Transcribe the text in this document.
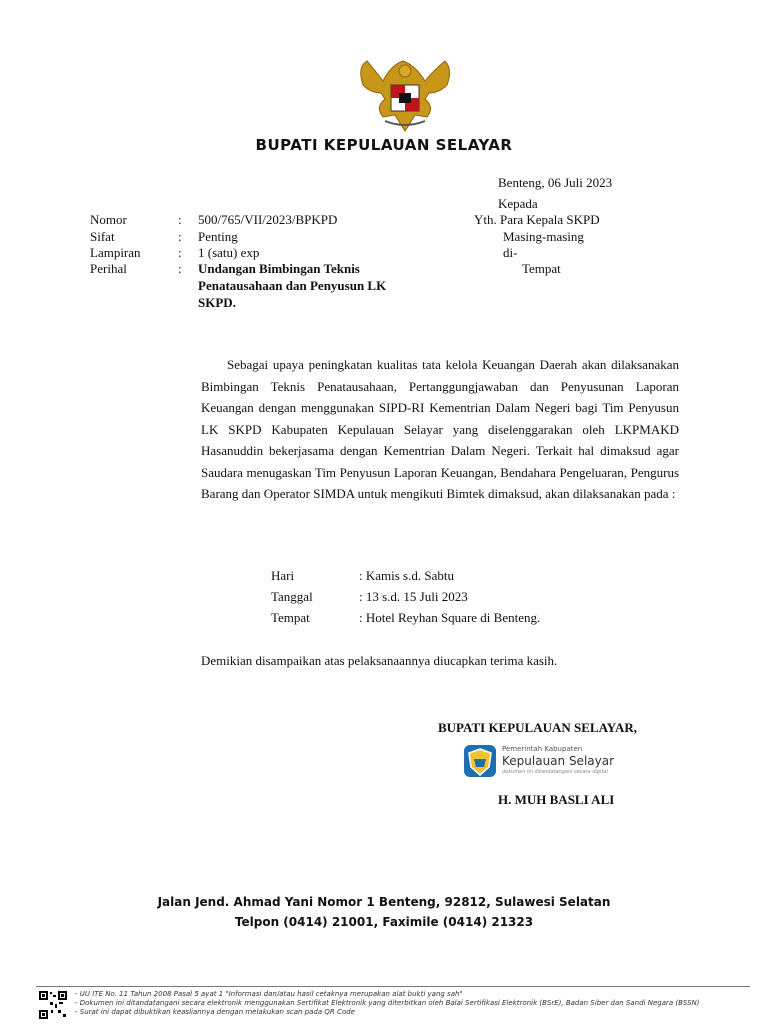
BUPATI KEPULAUAN SELAYAR
Benteng, 06 Juli 2023
Kepada
Yth. Para Kepala SKPD
Masing-masing
di-
Tempat
Nomor	: 500/765/VII/2023/BPKPD
Sifat	: Penting
Lampiran	: 1 (satu) exp
Perihal	: Undangan Bimbingan Teknis
Penatausahaan dan Penyusun LK
SKPD.
Sebagai upaya peningkatan kualitas tata kelola Keuangan Daerah akan dilaksanakan Bimbingan Teknis Penatausahaan, Pertanggungjawaban dan Penyusunan Laporan Keuangan dengan menggunakan SIPD-RI Kementrian Dalam Negeri bagi Tim Penyusun LK SKPD Kabupaten Kepulauan Selayar yang diselenggarakan oleh LKPMAKD Hasanuddin bekerjasama dengan Kementrian Dalam Negeri. Terkait hal dimaksud agar Saudara menugaskan Tim Penyusun Laporan Keuangan, Bendahara Pengeluaran, Pengurus Barang dan Operator SIMDA untuk mengikuti Bimtek dimaksud, akan dilaksanakan pada :
Hari	: Kamis s.d. Sabtu
Tanggal	: 13 s.d. 15 Juli 2023
Tempat	: Hotel Reyhan Square di Benteng.
Demikian disampaikan atas pelaksanaannya diucapkan terima kasih.
BUPATI KEPULAUAN SELAYAR,
Pemerintah Kabupaten
Kepulauan Selayar
dokumen ini ditandatangani secara digital
H. MUH BASLI ALI
Jalan Jend. Ahmad Yani Nomor 1 Benteng, 92812, Sulawesi Selatan
Telpon (0414) 21001, Faximile (0414) 21323
- UU ITE No. 11 Tahun 2008 Pasal 5 ayat 1 "Informasi dan/atau hasil cetaknya merupakan alat bukti yang sah"
- Dokumen ini ditandatangani secara elektronik menggunakan Sertifikat Elektronik yang diterbitkan oleh Balai Sertifikasi Elektronik (BSrE), Badan Siber dan Sandi Negara (BSSN)
- Surat ini dapat dibuktikan keasliannya dengan melakukan scan pada QR Code
